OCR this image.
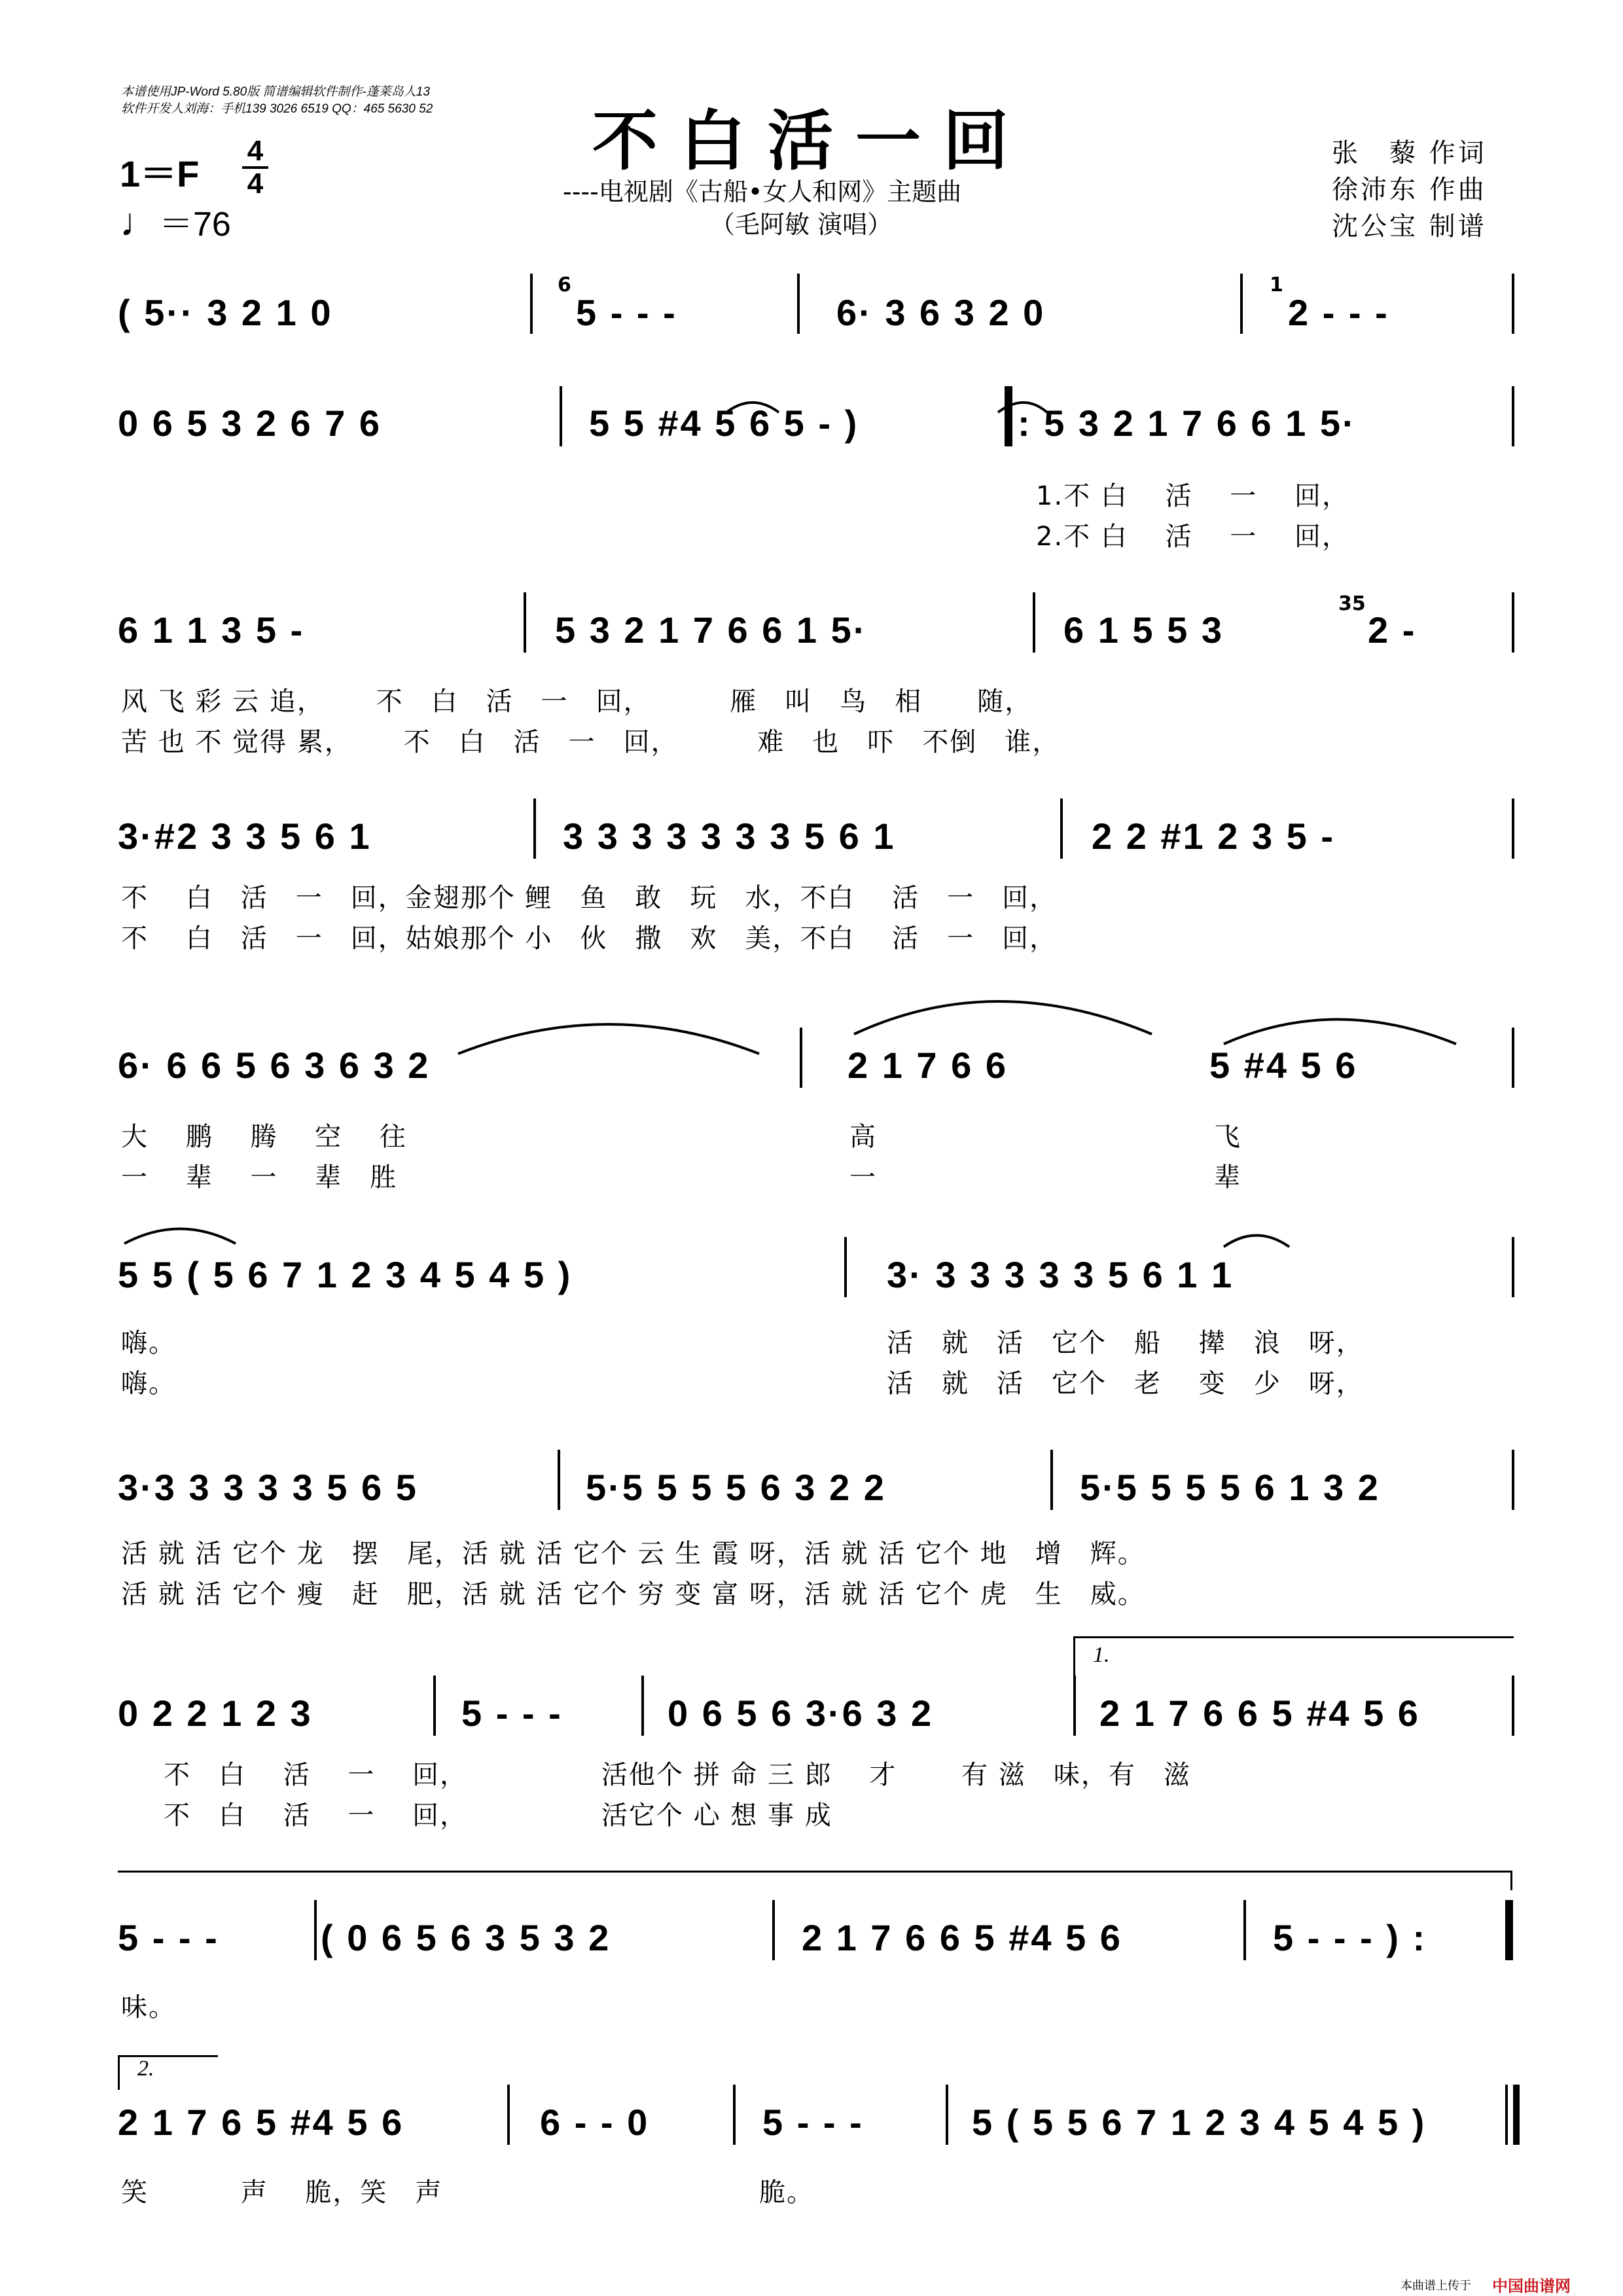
本谱使用JP-Word 5.80版 简谱编辑软件制作-蓬莱岛人13
软件开发人刘海：手机139 3026 6519 QQ：465 5630 52 不白活一回
----电视剧《古船•女人和网》主题曲
（毛阿敏 演唱）
张　藜 作词
徐沛东 作曲
沈公宝 制谱
1＝F
4
4
♩＝76
( 5·· 3 2 1 0
6
5 - - -	6· 3 6 3 2 0
1
2 - - -
0 6 5 3 2 6 7 6	5 5 #4 5 6 5 - )	: 5 3 2 1 7 6 6 1 5·
1.不 白　 活　 一　 回，
2.不 白　 活　 一　 回，
6 1 1 3 5 -	5 3 2 1 7 6 6 1 5·	6 1 5 5 3
35
2 -
风 飞 彩 云 追，　　 不　白　活　一　回，　　　 雁　叫　鸟　相　　随，
苦 也 不 觉得 累，　　 不　白　活　一　回，　　　 难　也　吓　不倒　谁，
3·#2 3 3 5 6 1	3 3 3 3 3 3 3 5 6 1	2 2 #1 2 3 5 -
不　 白　活　一　回，金翅那个 鲤　鱼　敢　玩　水，不白　 活　一　回，
不　 白　活　一　回，姑娘那个 小　伙　撒　欢　美，不白　 活　一　回，
6· 6 6 5 6 3 6 3 2	2 1 7 6 6	5 #4 5 6
大　 鹏　 腾　 空　 往	高	飞
一　 辈　 一　 辈　胜	一	辈
5 5 ( 5 6 7 1 2 3 4 5 4 5 )	3· 3 3 3 3 3 5 6 1 1
嗨。	活　就　活　它个　船　 撵　浪　呀，
嗨。	活　就　活　它个　老　 变　少　呀，
3·3 3 3 3 3 5 6 5	5·5 5 5 5 6 3 2 2	5·5 5 5 5 6 1 3 2
活 就 活 它个 龙　摆　尾，活 就 活 它个 云 生 霞 呀，活 就 活 它个 地　增　辉。
活 就 活 它个 瘦　赶　肥，活 就 活 它个 穷 变 富 呀，活 就 活 它个 虎　生　威。
1.
0 2 2 1 2 3	5 - - -	0 6 5 6 3·6 3 2	2 1 7 6 6 5 #4 5 6
不　白　 活　 一　 回，　　　　　 活他个 拼 命 三 郎　 才　　 有 滋　味，有　滋
不　白　 活　 一　 回，　　　　　 活它个 心 想 事 成
5 - - -	( 0 6 5 6 3 5 3 2	2 1 7 6 6 5 #4 5 6	5 - - - ) :
味。
2.
2 1 7 6 5 #4 5 6	6 - - 0	5 - - -	5 ( 5 5 6 7 1 2 3 4 5 4 5 )
笑　　　 声　 脆，笑　声	脆。
本曲谱上传于 中国曲谱网
